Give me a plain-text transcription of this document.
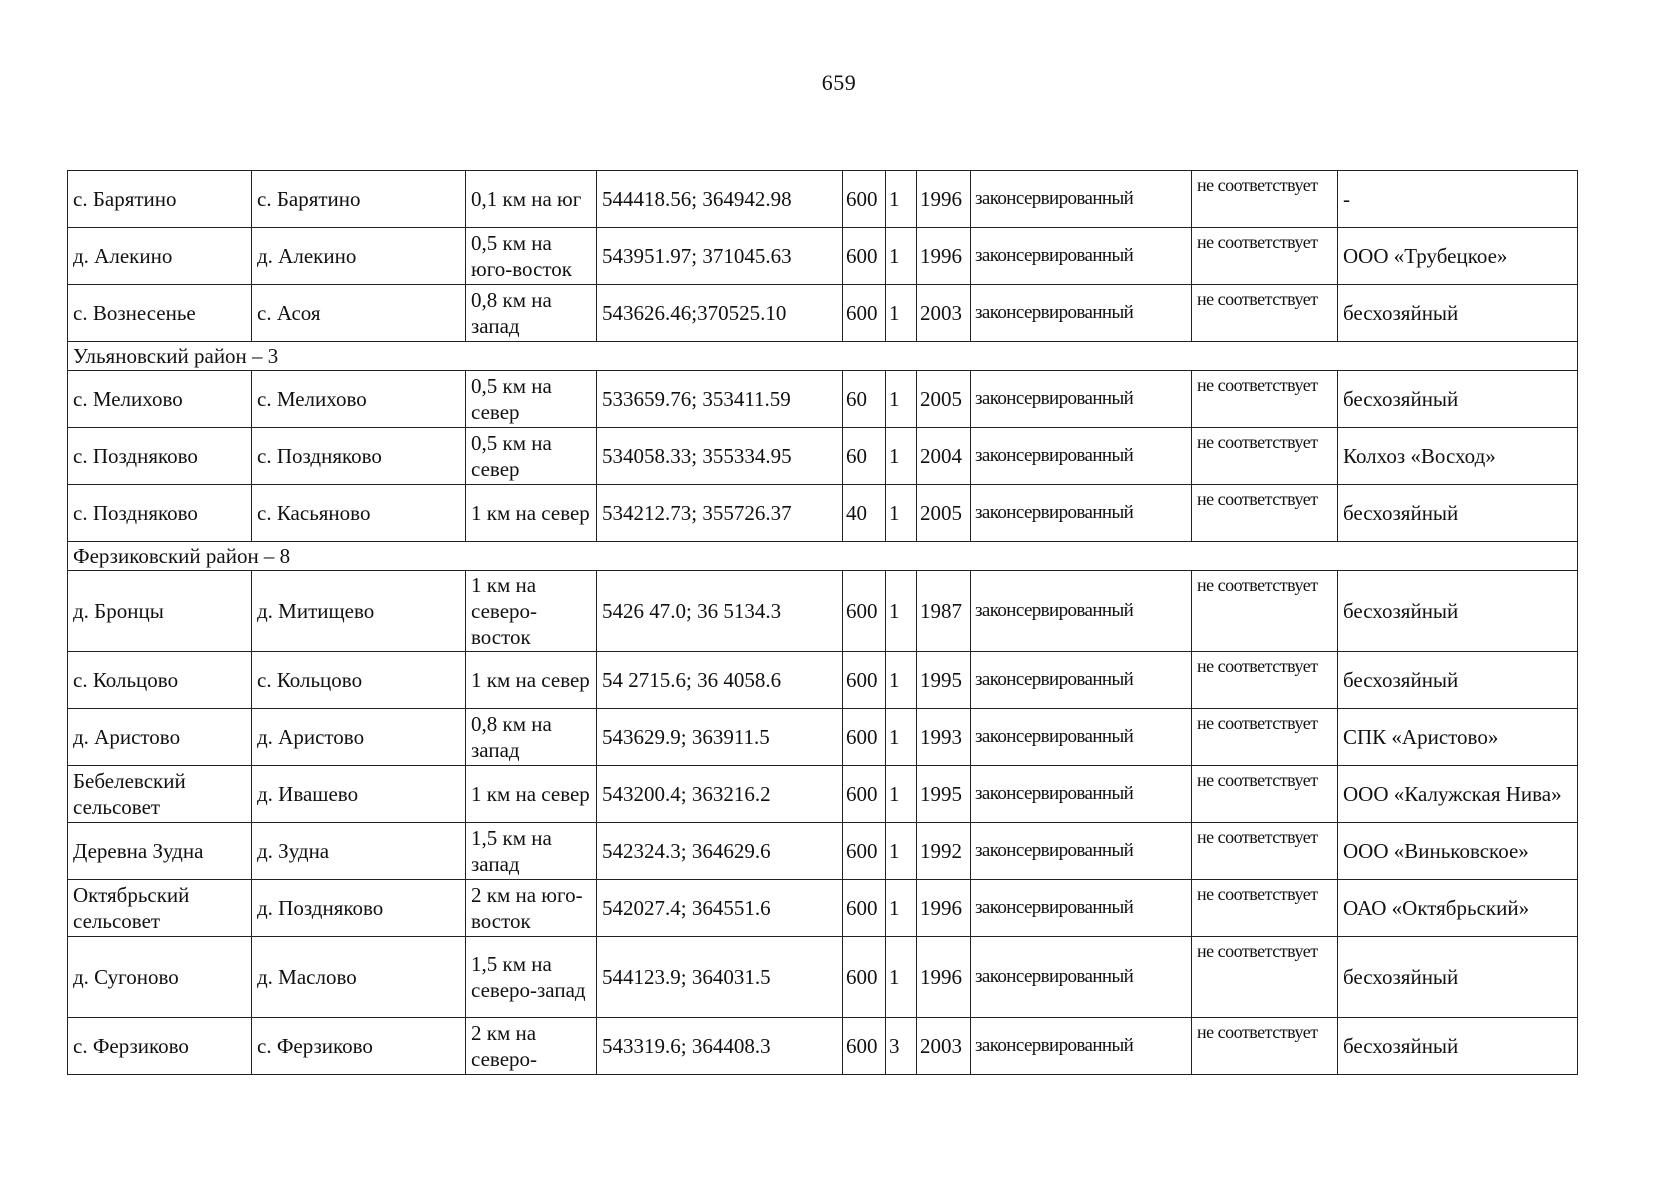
659
с. Барятино	с. Барятино	0,1 км на юг	544418.56; 364942.98	600	1	1996	законсервированный	не соответствует	-
д. Алекино	д. Алекино	0,5 км на юго-восток	543951.97; 371045.63	600	1	1996	законсервированный	не соответствует	ООО «Трубецкое»
с. Вознесенье	с. Асоя	0,8 км на запад	543626.46;370525.10	600	1	2003	законсервированный	не соответствует	бесхозяйный
Ульяновский район – 3									
с. Мелихово	с. Мелихово	0,5 км на север	533659.76; 353411.59	60	1	2005	законсервированный	не соответствует	бесхозяйный
с. Поздняково	с. Поздняково	0,5 км на север	534058.33; 355334.95	60	1	2004	законсервированный	не соответствует	Колхоз «Восход»
с. Поздняково	с. Касьяново	1 км на север	534212.73; 355726.37	40	1	2005	законсервированный	не соответствует	бесхозяйный
Ферзиковский район – 8									
д. Бронцы	д. Митищево	1 км на северо-восток	5426 47.0; 36 5134.3	600	1	1987	законсервированный	не соответствует	бесхозяйный
с. Кольцово	с. Кольцово	1 км на север	54 2715.6; 36 4058.6	600	1	1995	законсервированный	не соответствует	бесхозяйный
д. Аристово	д. Аристово	0,8 км на запад	543629.9; 363911.5	600	1	1993	законсервированный	не соответствует	СПК «Аристово»
Бебелевский сельсовет	д. Ивашево	1 км на север	543200.4; 363216.2	600	1	1995	законсервированный	не соответствует	ООО «Калужская Нива»
Деревна Зудна	д. Зудна	1,5 км на запад	542324.3; 364629.6	600	1	1992	законсервированный	не соответствует	ООО «Виньковское»
Октябрьский сельсовет	д. Поздняково	2 км на юго-восток	542027.4; 364551.6	600	1	1996	законсервированный	не соответствует	ОАО «Октябрьский»
д. Сугоново	д. Маслово	1,5 км на северо-запад	544123.9; 364031.5	600	1	1996	законсервированный	не соответствует	бесхозяйный
с. Ферзиково	с. Ферзиково	2 км на северо-	543319.6; 364408.3	600	3	2003	законсервированный	не соответствует	бесхозяйный
